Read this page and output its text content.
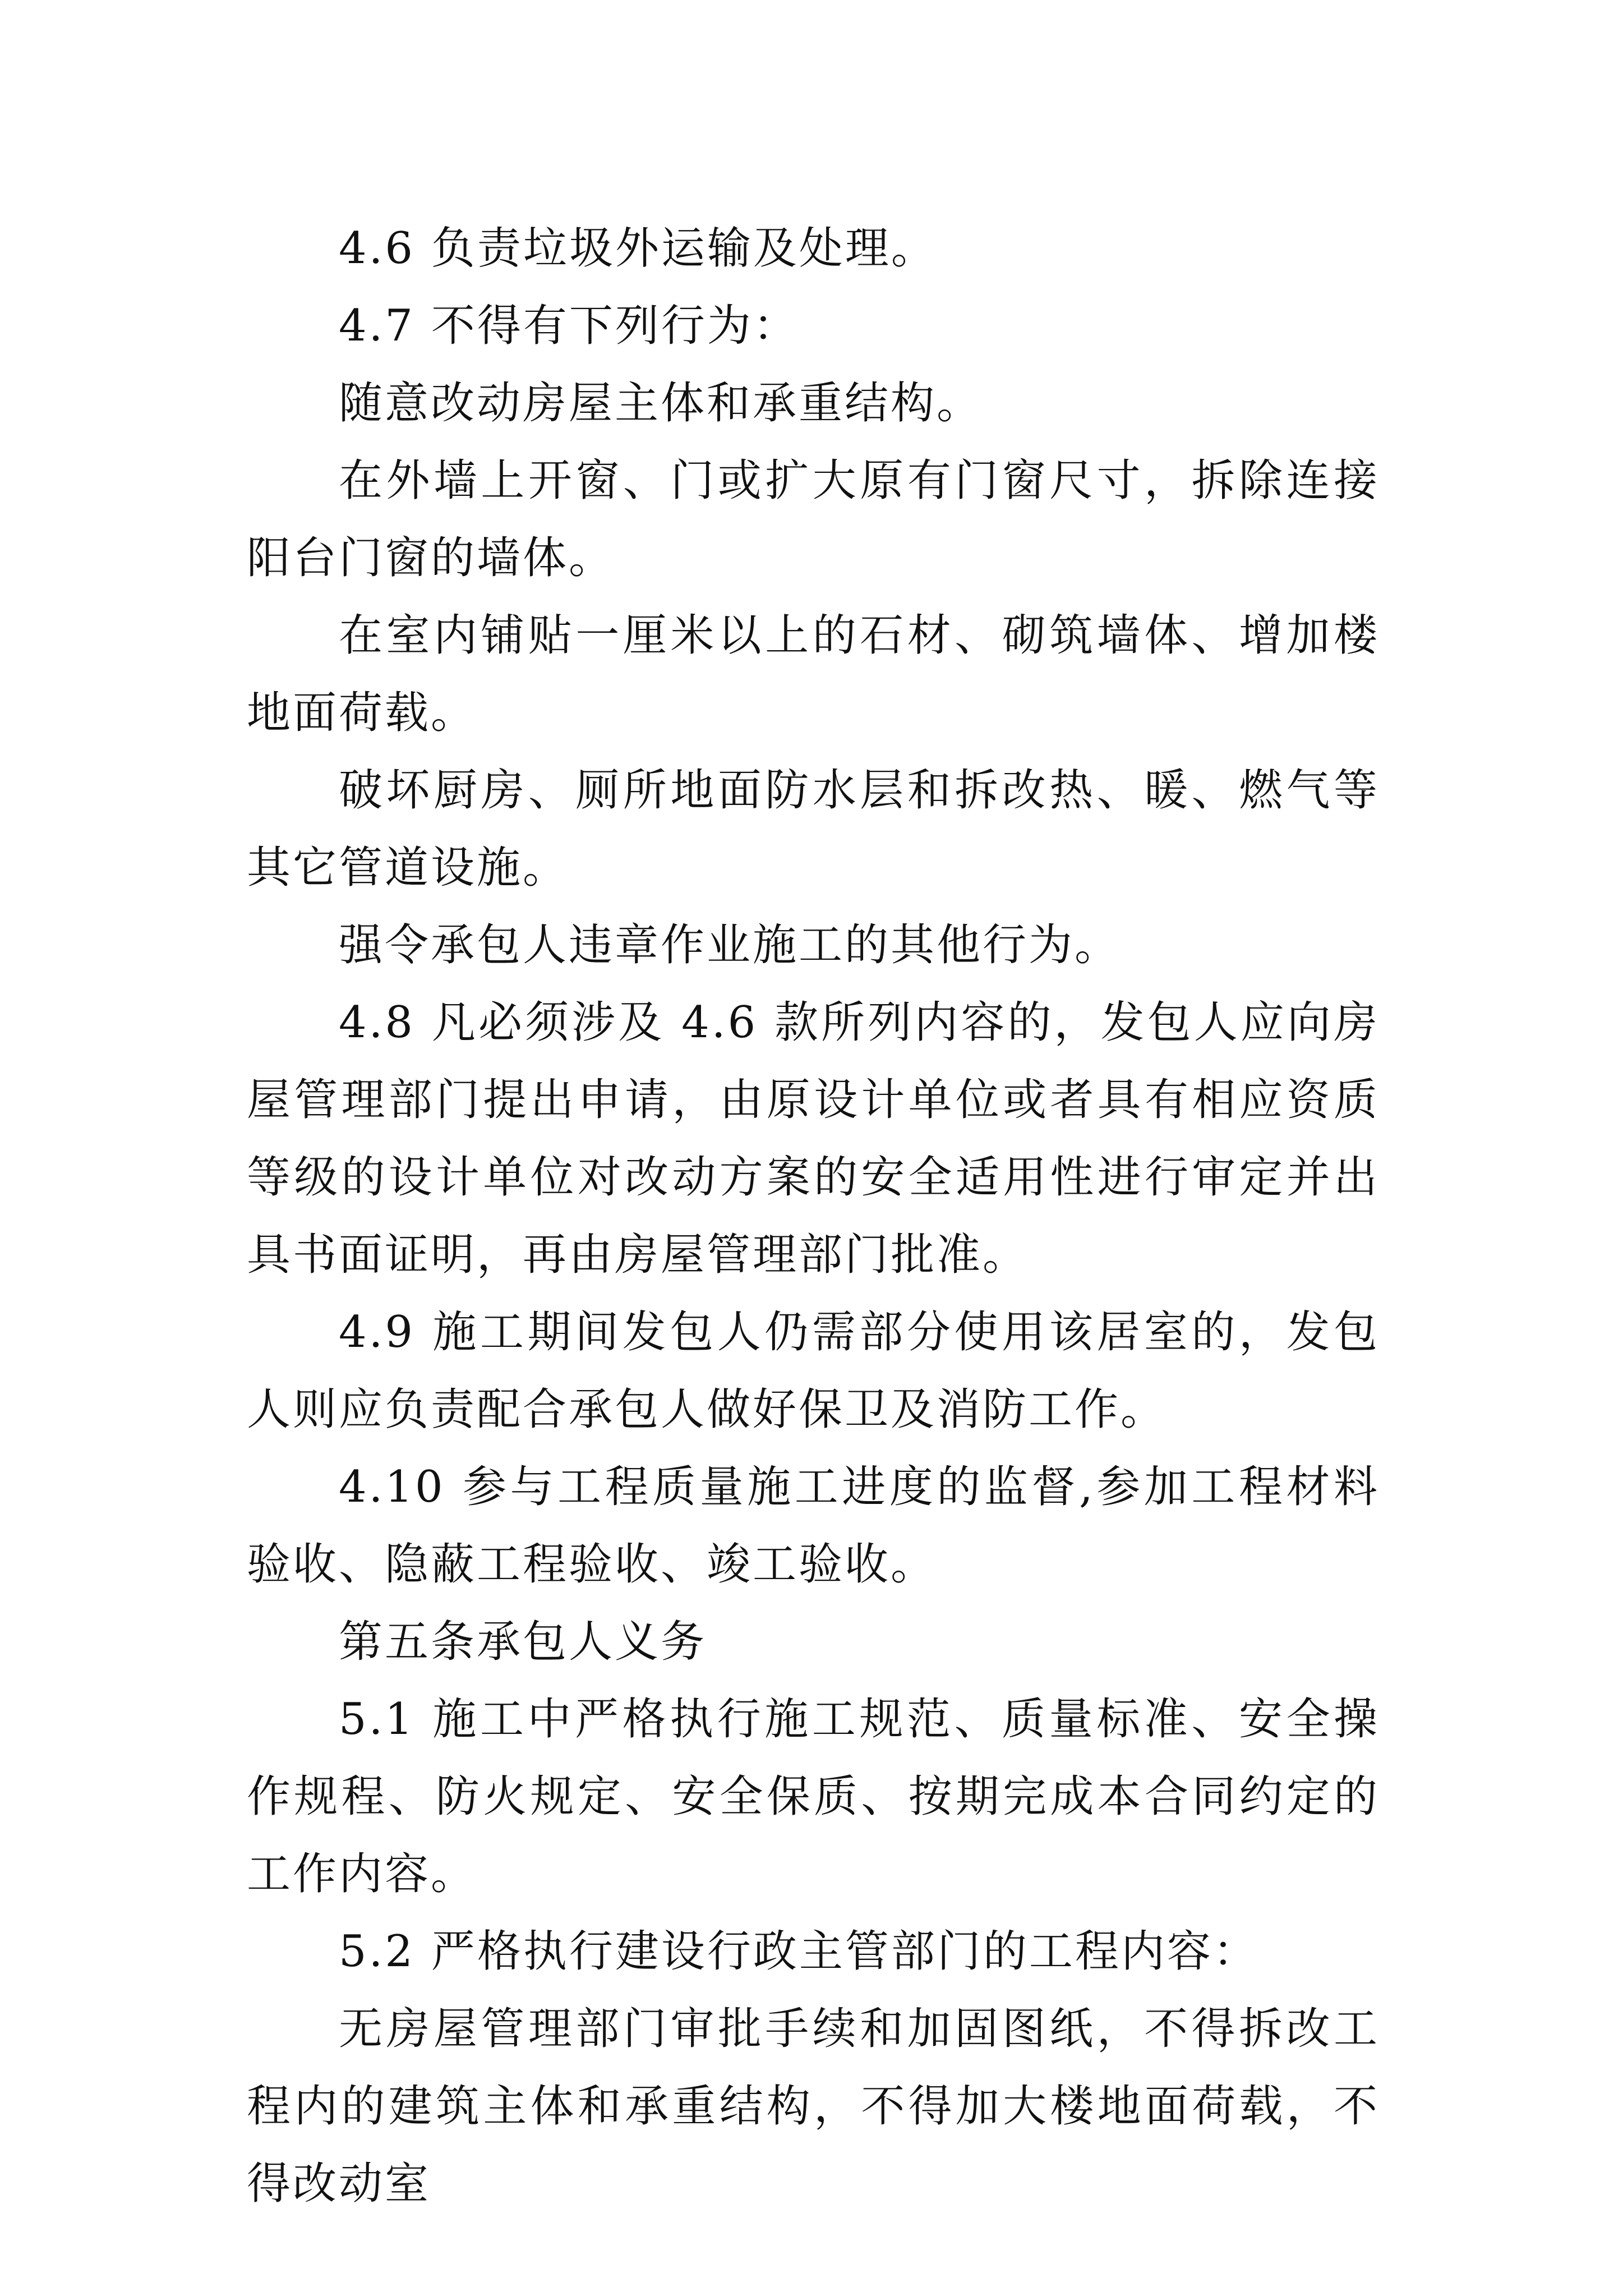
4.6 负责垃圾外运输及处理。

4.7 不得有下列行为：

随意改动房屋主体和承重结构。

在外墙上开窗、门或扩大原有门窗尺寸，拆除连接阳台门窗的墙体。

在室内铺贴一厘米以上的石材、砌筑墙体、增加楼地面荷载。

破坏厨房、厕所地面防水层和拆改热、暖、燃气等其它管道设施。

强令承包人违章作业施工的其他行为。

4.8 凡必须涉及 4.6 款所列内容的，发包人应向房屋管理部门提出申请，由原设计单位或者具有相应资质等级的设计单位对改动方案的安全适用性进行审定并出具书面证明，再由房屋管理部门批准。

4.9 施工期间发包人仍需部分使用该居室的，发包人则应负责配合承包人做好保卫及消防工作。

4.10 参与工程质量施工进度的监督,参加工程材料验收、隐蔽工程验收、竣工验收。

第五条承包人义务

5.1 施工中严格执行施工规范、质量标准、安全操作规程、防火规定、安全保质、按期完成本合同约定的工作内容。

5.2 严格执行建设行政主管部门的工程内容：

无房屋管理部门审批手续和加固图纸，不得拆改工程内的建筑主体和承重结构，不得加大楼地面荷载，不得改动室
